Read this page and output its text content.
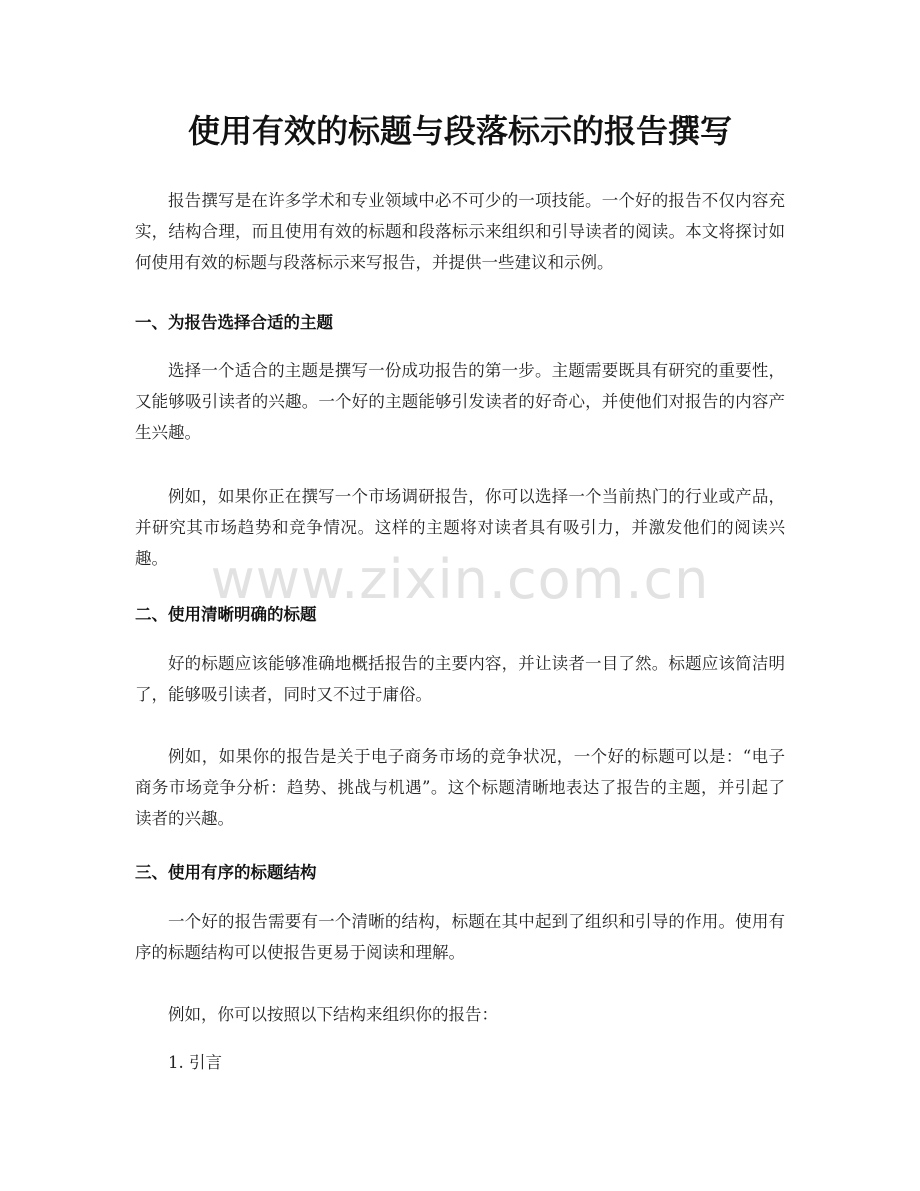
www.zixin.com.cn
使用有效的标题与段落标示的报告撰写

报告撰写是在许多学术和专业领域中必不可少的一项技能。一个好的报告不仅内容充实，结构合理，而且使用有效的标题和段落标示来组织和引导读者的阅读。本文将探讨如何使用有效的标题与段落标示来写报告，并提供一些建议和示例。

一、为报告选择合适的主题

选择一个适合的主题是撰写一份成功报告的第一步。主题需要既具有研究的重要性，又能够吸引读者的兴趣。一个好的主题能够引发读者的好奇心，并使他们对报告的内容产生兴趣。

例如，如果你正在撰写一个市场调研报告，你可以选择一个当前热门的行业或产品，并研究其市场趋势和竞争情况。这样的主题将对读者具有吸引力，并激发他们的阅读兴趣。

二、使用清晰明确的标题

好的标题应该能够准确地概括报告的主要内容，并让读者一目了然。标题应该简洁明了，能够吸引读者，同时又不过于庸俗。

例如，如果你的报告是关于电子商务市场的竞争状况，一个好的标题可以是：“电子商务市场竞争分析：趋势、挑战与机遇”。这个标题清晰地表达了报告的主题，并引起了读者的兴趣。

三、使用有序的标题结构

一个好的报告需要有一个清晰的结构，标题在其中起到了组织和引导的作用。使用有序的标题结构可以使报告更易于阅读和理解。

例如，你可以按照以下结构来组织你的报告：

1. 引言
